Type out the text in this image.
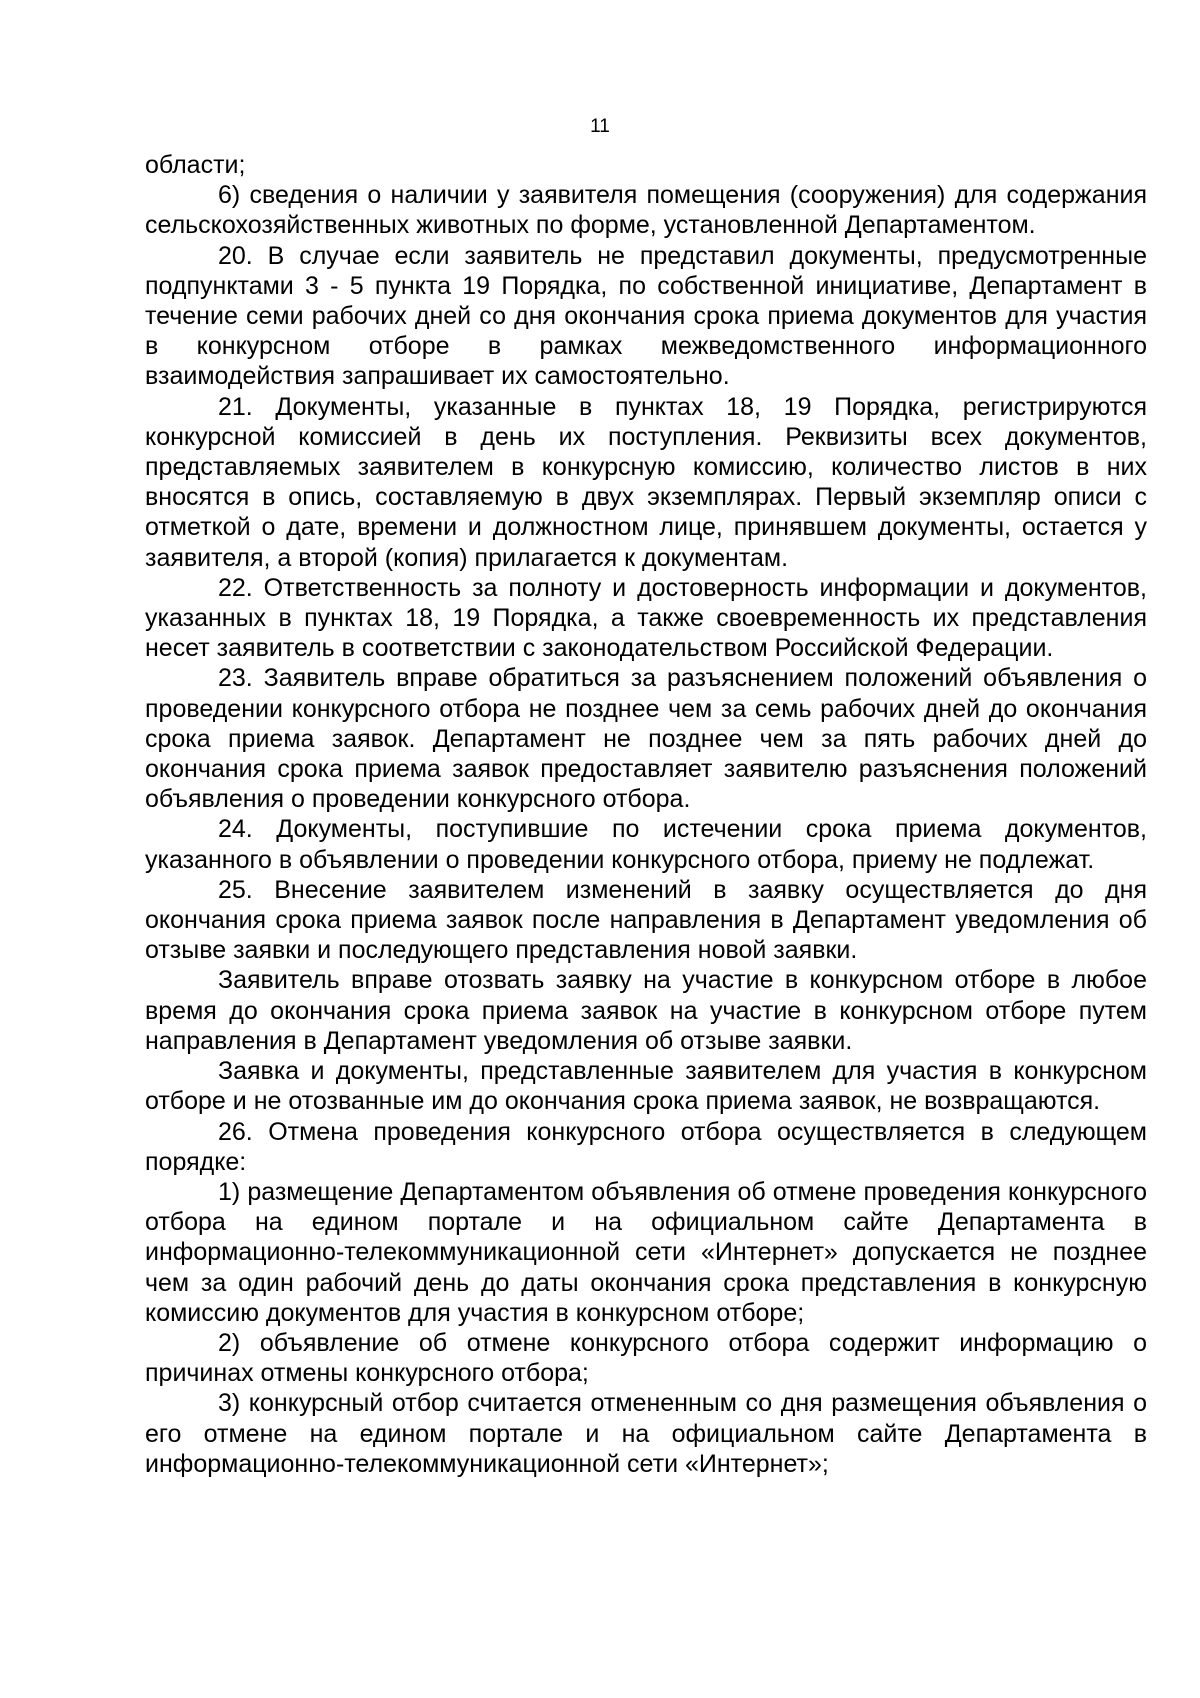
11

области;

6) сведения о наличии у заявителя помещения (сооружения) для содержания сельскохозяйственных животных по форме, установленной Департаментом.

20. В случае если заявитель не представил документы, предусмотренные подпунктами 3 - 5 пункта 19 Порядка, по собственной инициативе, Департамент в течение семи рабочих дней со дня окончания срока приема документов для участия в конкурсном отборе в рамках межведомственного информационного взаимодействия запрашивает их самостоятельно.

21. Документы, указанные в пунктах 18, 19 Порядка, регистрируются конкурсной комиссией в день их поступления. Реквизиты всех документов, представляемых заявителем в конкурсную комиссию, количество листов в них вносятся в опись, составляемую в двух экземплярах. Первый экземпляр описи с отметкой о дате, времени и должностном лице, принявшем документы, остается у заявителя, а второй (копия) прилагается к документам.

22. Ответственность за полноту и достоверность информации и документов, указанных в пунктах 18, 19 Порядка, а также своевременность их представления несет заявитель в соответствии с законодательством Российской Федерации.

23. Заявитель вправе обратиться за разъяснением положений объявления о проведении конкурсного отбора не позднее чем за семь рабочих дней до окончания срока приема заявок. Департамент не позднее чем за пять рабочих дней до окончания срока приема заявок предоставляет заявителю разъяснения положений объявления о проведении конкурсного отбора.

24. Документы, поступившие по истечении срока приема документов, указанного в объявлении о проведении конкурсного отбора, приему не подлежат.

25. Внесение заявителем изменений в заявку осуществляется до дня окончания срока приема заявок после направления в Департамент уведомления об отзыве заявки и последующего представления новой заявки.

Заявитель вправе отозвать заявку на участие в конкурсном отборе в любое время до окончания срока приема заявок на участие в конкурсном отборе путем направления в Департамент уведомления об отзыве заявки.

Заявка и документы, представленные заявителем для участия в конкурсном отборе и не отозванные им до окончания срока приема заявок, не возвращаются.

26. Отмена проведения конкурсного отбора осуществляется в следующем порядке:

1) размещение Департаментом объявления об отмене проведения конкурсного отбора на едином портале и на официальном сайте Департамента в информационно-телекоммуникационной сети «Интернет» допускается не позднее чем за один рабочий день до даты окончания срока представления в конкурсную комиссию документов для участия в конкурсном отборе;

2) объявление об отмене конкурсного отбора содержит информацию о причинах отмены конкурсного отбора;

3) конкурсный отбор считается отмененным со дня размещения объявления о его отмене на едином портале и на официальном сайте Департамента в информационно-телекоммуникационной сети «Интернет»;
